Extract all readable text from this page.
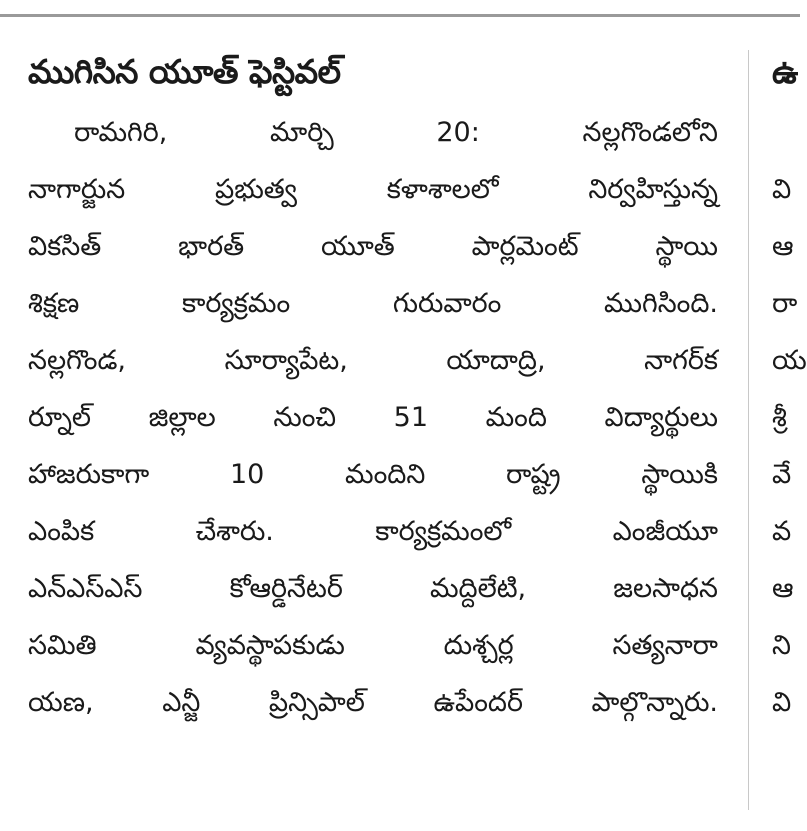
ముగిసిన యూత్ ఫెస్టివల్
రామగిరి, మార్చి 20: నల్లగొండలోని
నాగార్జున ప్రభుత్వ కళాశాలలో నిర్వహిస్తున్న
వికసిత్ భారత్ యూత్ పార్లమెంట్ స్థాయి
శిక్షణ కార్యక్రమం గురువారం ముగిసింది.
నల్లగొండ, సూర్యాపేట, యాదాద్రి, నాగర్‌క
ర్నూల్ జిల్లాల నుంచి 51 మంది విద్యార్థులు
హాజరుకాగా 10 మందిని రాష్ట్ర స్థాయికి
ఎంపిక చేశారు. కార్యక్రమంలో ఎంజీయూ
ఎన్ఎస్ఎస్ కోఆర్డినేటర్ మద్దిలేటి, జలసాధన
సమితి వ్యవస్థాపకుడు దుశ్చర్ల సత్యనారా
యణ, ఎన్జీ ప్రిన్సిపాల్ ఉపేందర్ పాల్గొన్నారు.
ఉ
వి
ఆ
రా
య
శ్రీ
వే
వ
ఆ
ని
వి
